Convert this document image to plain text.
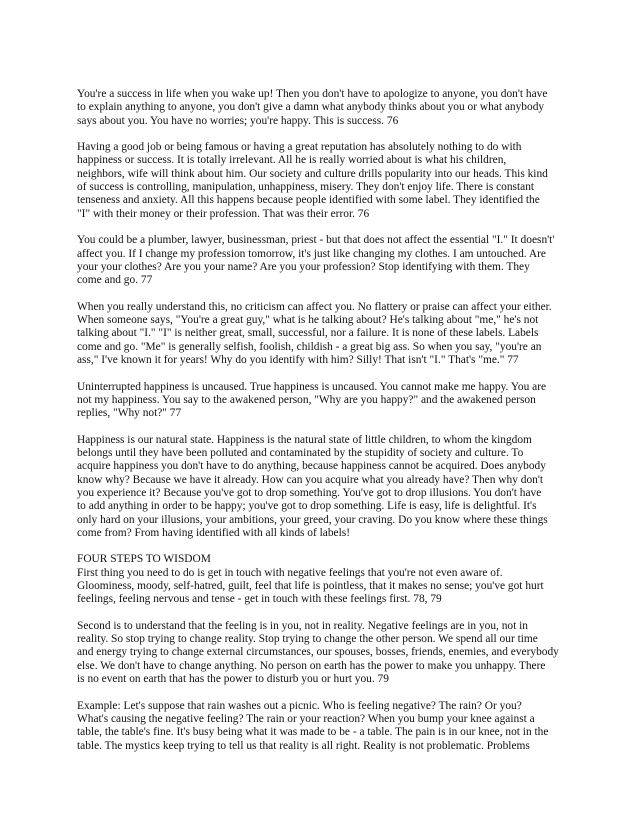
You're a success in life when you wake up! Then you don't have to apologize to anyone, you don't have
to explain anything to anyone, you don't give a damn what anybody thinks about you or what anybody
says about you. You have no worries; you're happy. This is success. 76
Having a good job or being famous or having a great reputation has absolutely nothing to do with
happiness or success. It is totally irrelevant. All he is really worried about is what his children,
neighbors, wife will think about him. Our society and culture drills popularity into our heads. This kind
of success is controlling, manipulation, unhappiness, misery. They don't enjoy life. There is constant
tenseness and anxiety. All this happens because people identified with some label. They identified the
"I" with their money or their profession. That was their error. 76
You could be a plumber, lawyer, businessman, priest - but that does not affect the essential "I." It doesn't'
affect you. If I change my profession tomorrow, it's just like changing my clothes. I am untouched. Are
your your clothes? Are you your name? Are you your profession? Stop identifying with them. They
come and go. 77
When you really understand this, no criticism can affect you. No flattery or praise can affect your either.
When someone says, "You're a great guy," what is he talking about? He's talking about "me," he's not
talking about "I." "I" is neither great, small, successful, nor a failure. It is none of these labels. Labels
come and go. "Me" is generally selfish, foolish, childish - a great big ass. So when you say, "you're an
ass," I've known it for years! Why do you identify with him? Silly! That isn't "I." That's "me." 77
Uninterrupted happiness is uncaused. True happiness is uncaused. You cannot make me happy. You are
not my happiness. You say to the awakened person, "Why are you happy?" and the awakened person
replies, "Why not?" 77
Happiness is our natural state. Happiness is the natural state of little children, to whom the kingdom
belongs until they have been polluted and contaminated by the stupidity of society and culture. To
acquire happiness you don't have to do anything, because happiness cannot be acquired. Does anybody
know why? Because we have it already. How can you acquire what you already have? Then why don't
you experience it? Because you've got to drop something. You've got to drop illusions. You don't have
to add anything in order to be happy; you've got to drop something. Life is easy, life is delightful. It's
only hard on your illusions, your ambitions, your greed, your craving. Do you know where these things
come from? From having identified with all kinds of labels!
FOUR STEPS TO WISDOM
First thing you need to do is get in touch with negative feelings that you're not even aware of.
Gloominess, moody, self-hatred, guilt, feel that life is pointless, that it makes no sense; you've got hurt
feelings, feeling nervous and tense - get in touch with these feelings first. 78, 79
Second is to understand that the feeling is in you, not in reality. Negative feelings are in you, not in
reality. So stop trying to change reality. Stop trying to change the other person. We spend all our time
and energy trying to change external circumstances, our spouses, bosses, friends, enemies, and everybody
else. We don't have to change anything. No person on earth has the power to make you unhappy. There
is no event on earth that has the power to disturb you or hurt you. 79
Example: Let's suppose that rain washes out a picnic. Who is feeling negative? The rain? Or you?
What's causing the negative feeling? The rain or your reaction? When you bump your knee against a
table, the table's fine. It's busy being what it was made to be - a table. The pain is in our knee, not in the
table. The mystics keep trying to tell us that reality is all right. Reality is not problematic. Problems
